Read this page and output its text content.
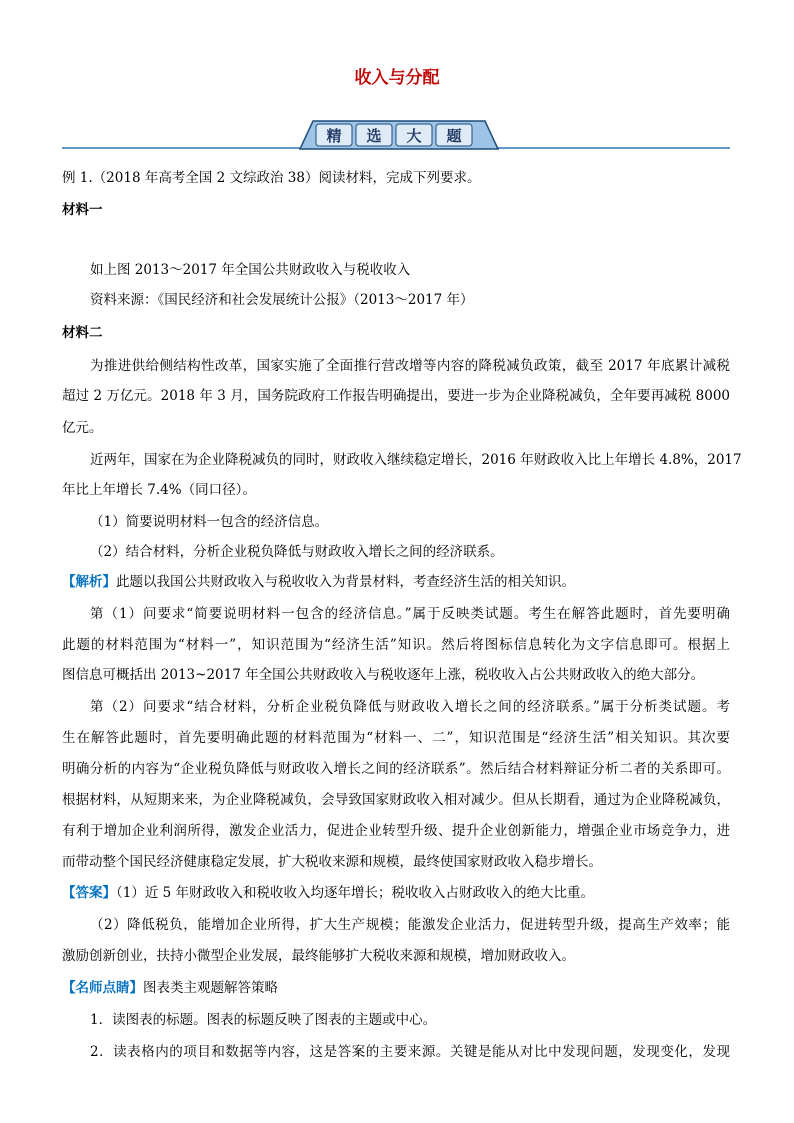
收入与分配
精 选 大 题
例 1.（2018 年高考全国 2 文综政治 38）阅读材料，完成下列要求。
材料一
如上图 2013～2017 年全国公共财政收入与税收收入
资料来源：《国民经济和社会发展统计公报》（2013～2017 年）
材料二
为推进供给侧结构性改革，国家实施了全面推行营改增等内容的降税减负政策，截至 2017 年底累计减税
超过 2 万亿元。2018 年 3 月，国务院政府工作报告明确提出，要进一步为企业降税减负，全年要再减税 8000
亿元。
近两年，国家在为企业降税减负的同时，财政收入继续稳定增长，2016 年财政收入比上年增长 4.8%，2017
年比上年增长 7.4%（同口径）。
（1）简要说明材料一包含的经济信息。
（2）结合材料，分析企业税负降低与财政收入增长之间的经济联系。
【解析】此题以我国公共财政收入与税收收入为背景材料，考查经济生活的相关知识。
第（1）问要求“简要说明材料一包含的经济信息。”属于反映类试题。考生在解答此题时，首先要明确
此题的材料范围为“材料一”，知识范围为“经济生活”知识。然后将图标信息转化为文字信息即可。根据上
图信息可概括出 2013~2017 年全国公共财政收入与税收逐年上涨，税收收入占公共财政收入的绝大部分。
第（2）问要求“结合材料，分析企业税负降低与财政收入增长之间的经济联系。”属于分析类试题。考
生在解答此题时，首先要明确此题的材料范围为“材料一、二”，知识范围是“经济生活”相关知识。其次要
明确分析的内容为“企业税负降低与财政收入增长之间的经济联系”。然后结合材料辩证分析二者的关系即可。
根据材料，从短期来来，为企业降税减负，会导致国家财政收入相对减少。但从长期看，通过为企业降税减负，
有利于增加企业利润所得，激发企业活力，促进企业转型升级、提升企业创新能力，增强企业市场竞争力，进
而带动整个国民经济健康稳定发展，扩大税收来源和规模，最终使国家财政收入稳步增长。
【答案】（1）近 5 年财政收入和税收收入均逐年增长；税收收入占财政收入的绝大比重。
（2）降低税负，能增加企业所得，扩大生产规模；能激发企业活力，促进转型升级，提高生产效率；能
激励创新创业，扶持小微型企业发展，最终能够扩大税收来源和规模，增加财政收入。
【名师点睛】图表类主观题解答策略
1．读图表的标题。图表的标题反映了图表的主题或中心。
2．读表格内的项目和数据等内容，这是答案的主要来源。关键是能从对比中发现问题，发现变化，发现
